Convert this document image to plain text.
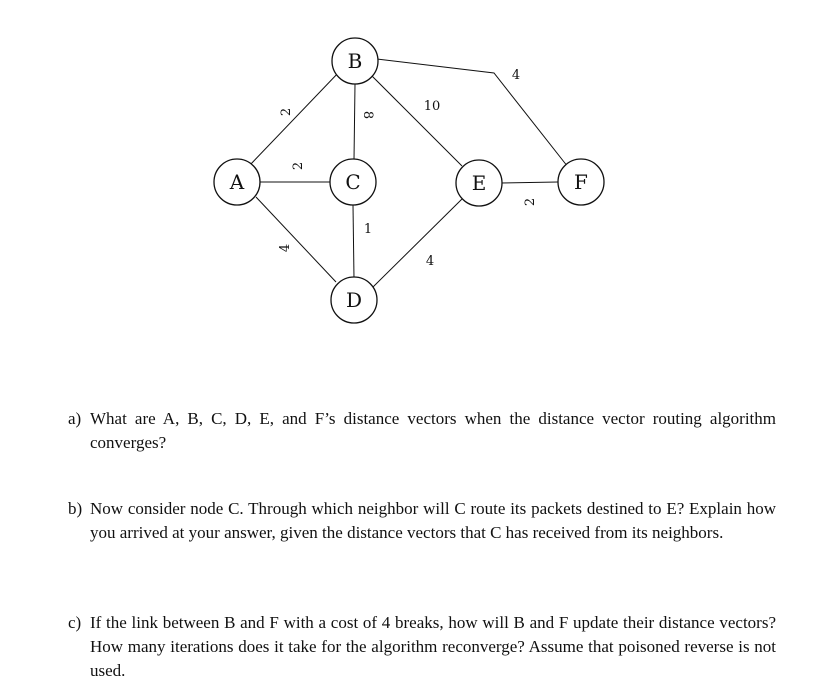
2
2
4
8
10
4
1
4
2
A
B
C
D
E	F
a) What are A, B, C, D, E, and F’s distance vectors when the distance vector routing algorithm converges?
b) Now consider node C. Through which neighbor will C route its packets destined to E? Explain how you arrived at your answer, given the distance vectors that C has received from its neighbors.
c) If the link between B and F with a cost of 4 breaks, how will B and F update their distance vectors? How many iterations does it take for the algorithm reconverge? Assume that poisoned reverse is not used.
